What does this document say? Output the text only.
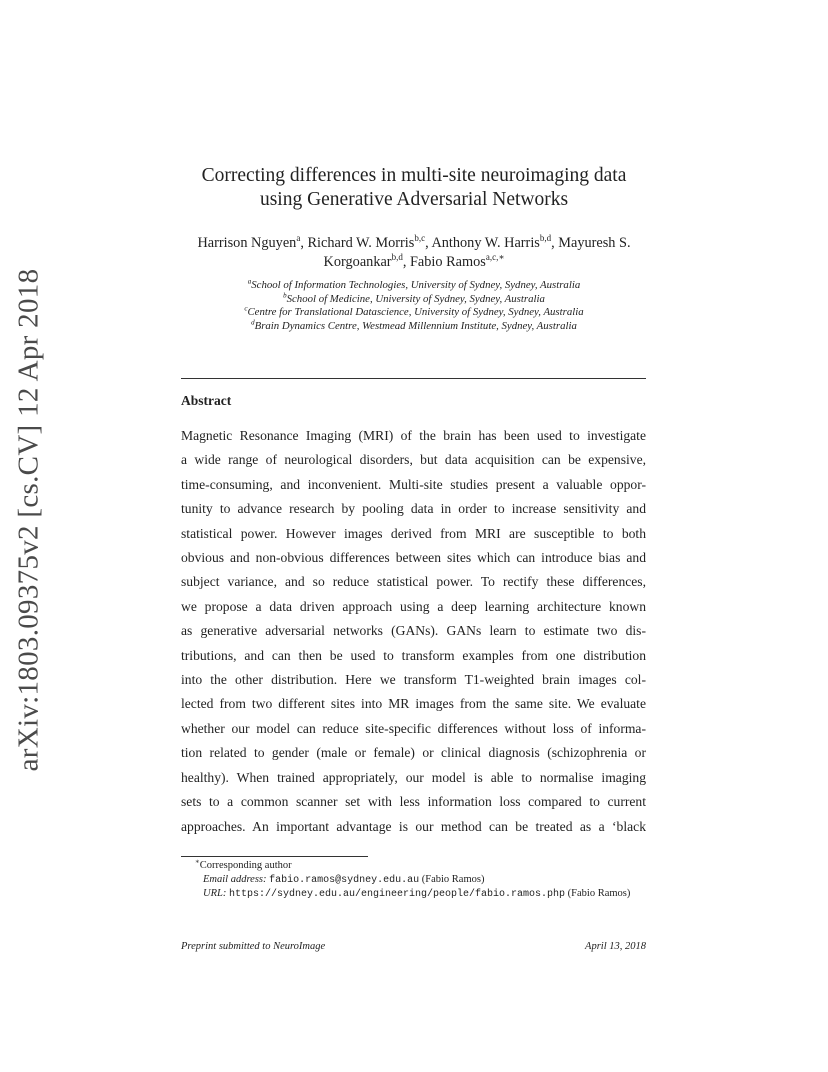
arXiv:1803.09375v2 [cs.CV] 12 Apr 2018
Correcting differences in multi-site neuroimaging data
using Generative Adversarial Networks
Harrison Nguyen$^a$, Richard W. Morris$^{b,c}$, Anthony W. Harris$^{b,d}$, Mayuresh S. Korgoankar$^{b,d}$, Fabio Ramos$^{a,c,∗}$
$^a$School of Information Technologies, University of Sydney, Sydney, Australia
$^b$School of Medicine, University of Sydney, Sydney, Australia
$^c$Centre for Translational Datascience, University of Sydney, Sydney, Australia
$^d$Brain Dynamics Centre, Westmead Millennium Institute, Sydney, Australia
Abstract
Magnetic Resonance Imaging (MRI) of the brain has been used to investigate
a wide range of neurological disorders, but data acquisition can be expensive,
time-consuming, and inconvenient. Multi-site studies present a valuable oppor-
tunity to advance research by pooling data in order to increase sensitivity and
statistical power. However images derived from MRI are susceptible to both
obvious and non-obvious differences between sites which can introduce bias and
subject variance, and so reduce statistical power. To rectify these differences,
we propose a data driven approach using a deep learning architecture known
as generative adversarial networks (GANs). GANs learn to estimate two dis-
tributions, and can then be used to transform examples from one distribution
into the other distribution. Here we transform T1-weighted brain images col-
lected from two different sites into MR images from the same site. We evaluate
whether our model can reduce site-specific differences without loss of informa-
tion related to gender (male or female) or clinical diagnosis (schizophrenia or
healthy). When trained appropriately, our model is able to normalise imaging
sets to a common scanner set with less information loss compared to current
approaches. An important advantage is our method can be treated as a ‘black
∗Corresponding author
Email address: fabio.ramos@sydney.edu.au (Fabio Ramos)
URL: https://sydney.edu.au/engineering/people/fabio.ramos.php (Fabio Ramos)
Preprint submitted to NeuroImage	April 13, 2018
